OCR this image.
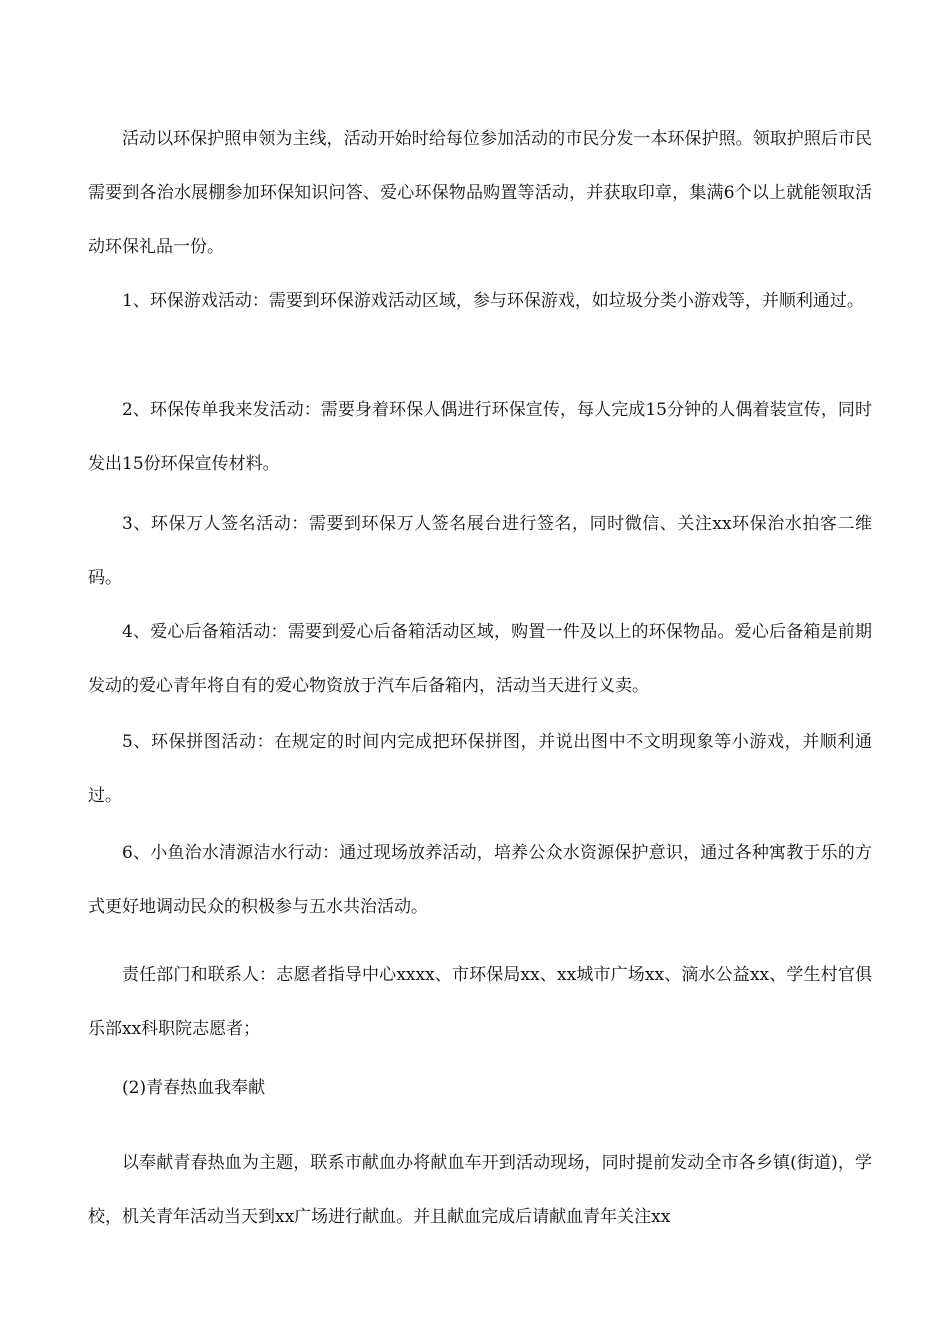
活动以环保护照申领为主线，活动开始时给每位参加活动的市民分发一本环保护照。领取护照后市民需要到各治水展棚参加环保知识问答、爱心环保物品购置等活动，并获取印章，集满6个以上就能领取活动环保礼品一份。

1、环保游戏活动：需要到环保游戏活动区域，参与环保游戏，如垃圾分类小游戏等，并顺利通过。

2、环保传单我来发活动：需要身着环保人偶进行环保宣传，每人完成15分钟的人偶着装宣传，同时发出15份环保宣传材料。

3、环保万人签名活动：需要到环保万人签名展台进行签名，同时微信、关注xx环保治水拍客二维码。

4、爱心后备箱活动：需要到爱心后备箱活动区域，购置一件及以上的环保物品。爱心后备箱是前期发动的爱心青年将自有的爱心物资放于汽车后备箱内，活动当天进行义卖。

5、环保拼图活动：在规定的时间内完成把环保拼图，并说出图中不文明现象等小游戏，并顺利通过。

6、小鱼治水清源洁水行动：通过现场放养活动，培养公众水资源保护意识，通过各种寓教于乐的方式更好地调动民众的积极参与五水共治活动。

责任部门和联系人：志愿者指导中心xxxx、市环保局xx、xx城市广场xx、滴水公益xx、学生村官俱乐部xx科职院志愿者；

(2)青春热血我奉献

以奉献青春热血为主题，联系市献血办将献血车开到活动现场，同时提前发动全市各乡镇(街道)，学校，机关青年活动当天到xx广场进行献血。并且献血完成后请献血青年关注xx
